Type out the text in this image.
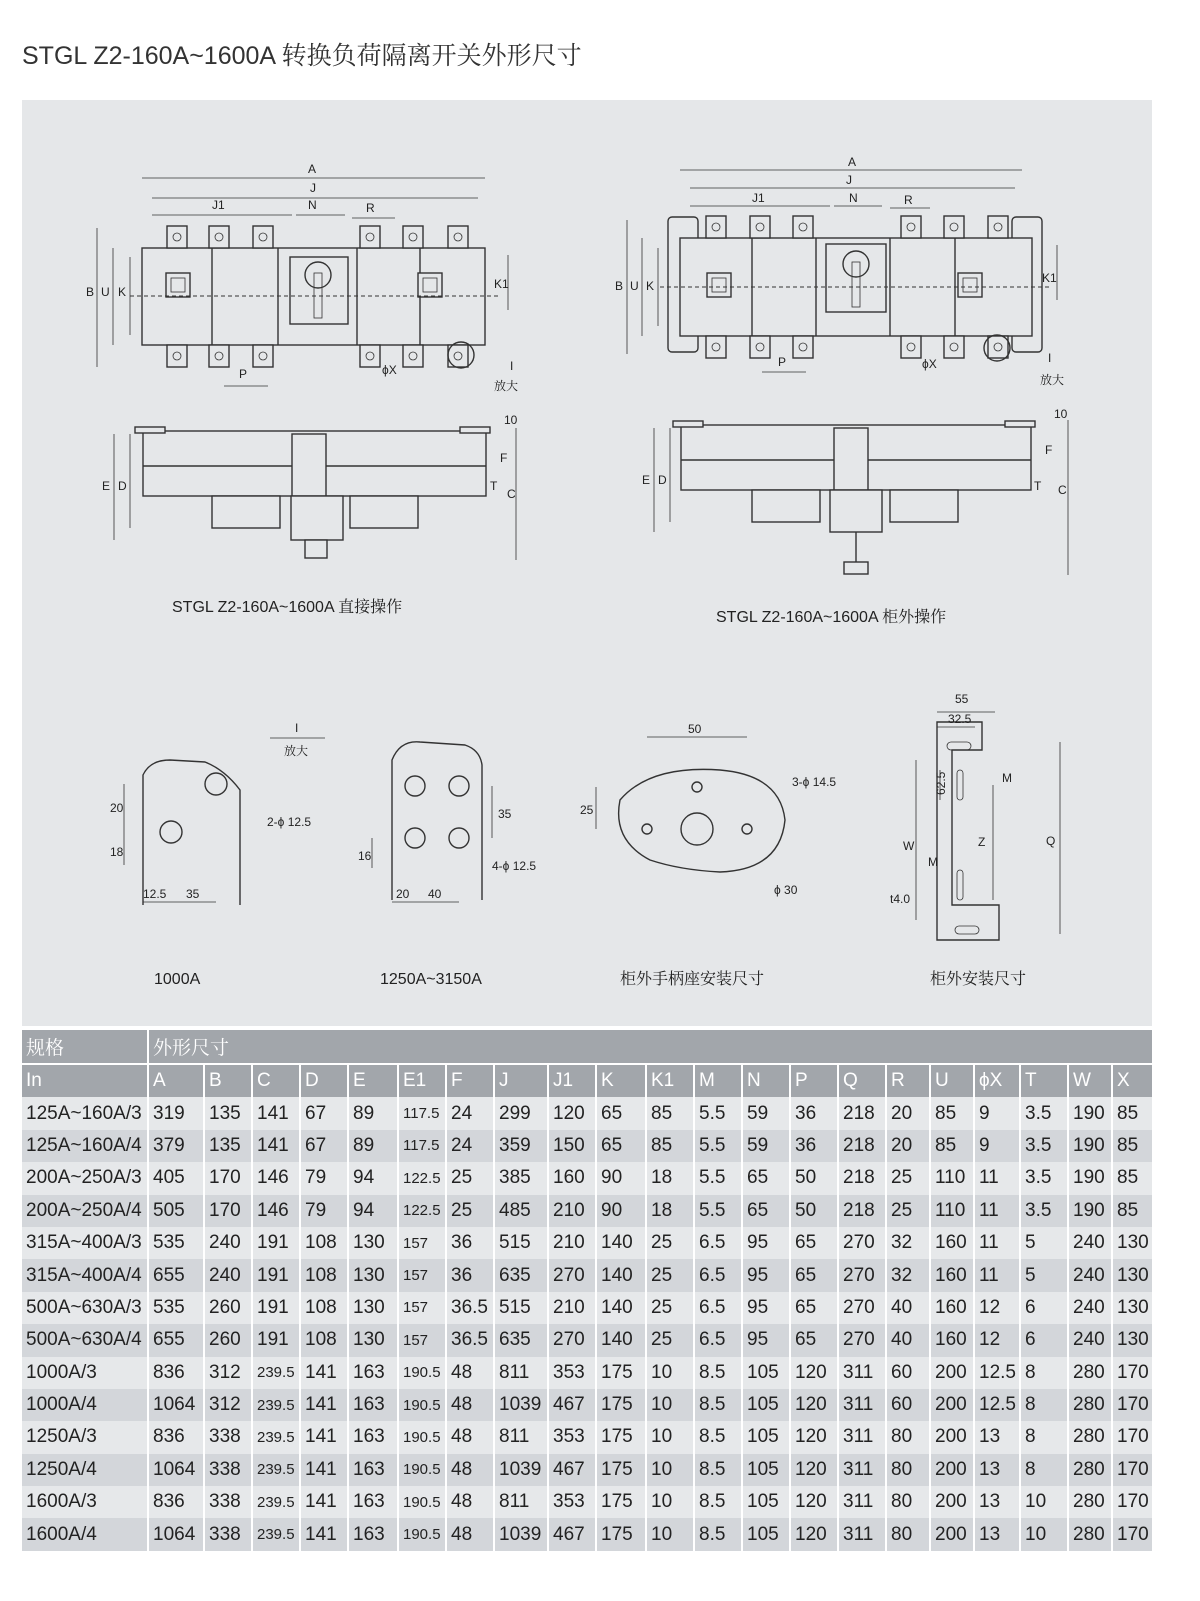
STGL Z2-160A~1600A 转换负荷隔离开关外形尺寸
A
J
J1	N	R
B U K
K1
P	ϕX	I
放大
E D
C
F
T
10
STGL Z2-160A~1600A 直接操作
A
J
J1	N	R
B U K
K1
P	ϕX	I
放大
E D
C
F
T
10
STGL Z2-160A~1600A 柜外操作
I
放大
20
18
12.5 35
2-ϕ 12.5
1000A
35
16
20 40
4-ϕ 12.5
1250A~3150A
50
25
3-ϕ 14.5
ϕ 30
柜外手柄座安装尺寸
55
32.5
62.5	M
M
Z
W	Q
t4.0
柜外安装尺寸
规格	外形尺寸																				
In	A	B	C	D	E	E1	F	J	J1	K	K1	M	N	P	Q	R	U	ϕX	T	W	X
125A~160A/3	319	135	141	67	89	117.5	24	299	120	65	85	5.5	59	36	218	20	85	9	3.5	190	85
125A~160A/4	379	135	141	67	89	117.5	24	359	150	65	85	5.5	59	36	218	20	85	9	3.5	190	85
200A~250A/3	405	170	146	79	94	122.5	25	385	160	90	18	5.5	65	50	218	25	110	11	3.5	190	85
200A~250A/4	505	170	146	79	94	122.5	25	485	210	90	18	5.5	65	50	218	25	110	11	3.5	190	85
315A~400A/3	535	240	191	108	130	157	36	515	210	140	25	6.5	95	65	270	32	160	11	5	240	130
315A~400A/4	655	240	191	108	130	157	36	635	270	140	25	6.5	95	65	270	32	160	11	5	240	130
500A~630A/3	535	260	191	108	130	157	36.5	515	210	140	25	6.5	95	65	270	40	160	12	6	240	130
500A~630A/4	655	260	191	108	130	157	36.5	635	270	140	25	6.5	95	65	270	40	160	12	6	240	130
1000A/3	836	312	239.5	141	163	190.5	48	811	353	175	10	8.5	105	120	311	60	200	12.5	8	280	170
1000A/4	1064	312	239.5	141	163	190.5	48	1039	467	175	10	8.5	105	120	311	60	200	12.5	8	280	170
1250A/3	836	338	239.5	141	163	190.5	48	811	353	175	10	8.5	105	120	311	80	200	13	8	280	170
1250A/4	1064	338	239.5	141	163	190.5	48	1039	467	175	10	8.5	105	120	311	80	200	13	8	280	170
1600A/3	836	338	239.5	141	163	190.5	48	811	353	175	10	8.5	105	120	311	80	200	13	10	280	170
1600A/4	1064	338	239.5	141	163	190.5	48	1039	467	175	10	8.5	105	120	311	80	200	13	10	280	170
